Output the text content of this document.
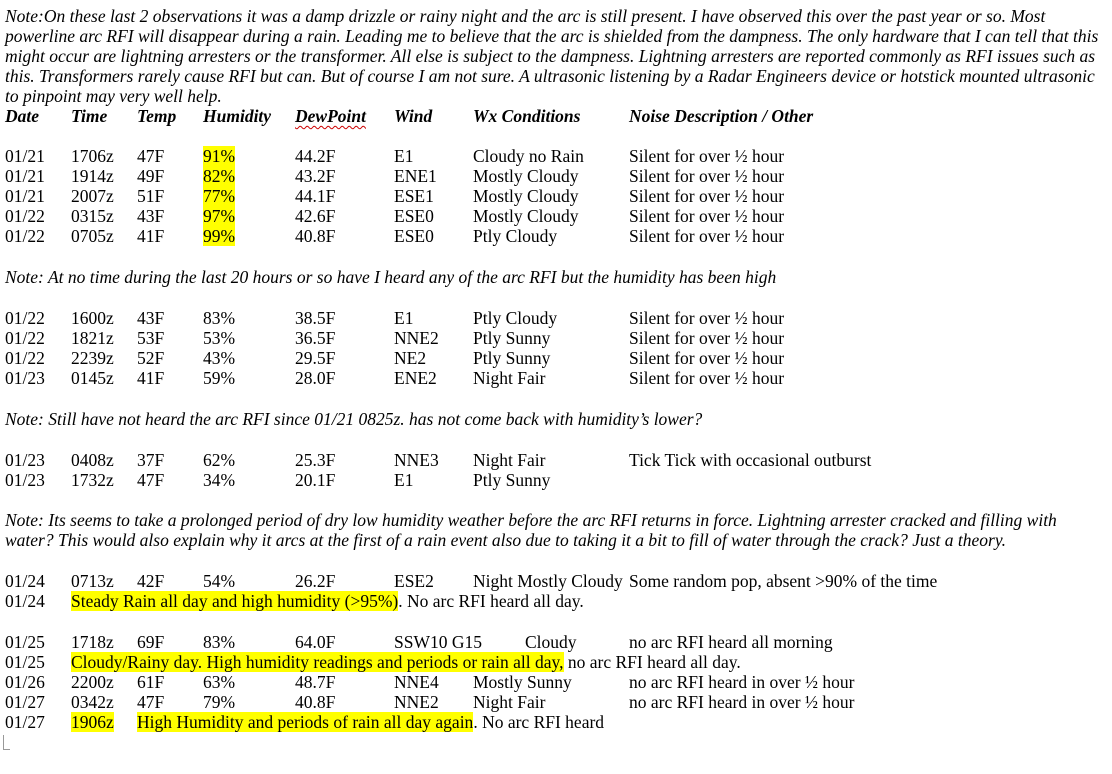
Note:On these last 2 observations it was a damp drizzle or rainy night and the arc is still present. I have observed this over the past year or so. Most
powerline arc RFI will disappear during a rain. Leading me to believe that the arc is shielded from the dampness. The only hardware that I can tell that this
might occur are lightning arresters or the transformer. All else is subject to the dampness. Lightning arresters are reported commonly as RFI issues such as
this. Transformers rarely cause RFI but can. But of course I am not sure. A ultrasonic listening by a Radar Engineers device or hotstick mounted ultrasonic
to pinpoint may very well help.
Date Time Temp Humidity DewPoint Wind Wx Conditions	Noise Description / Other
01/21 1706z 47F 91%	44.2F	E1	Cloudy no Rain	Silent for over ½ hour
01/21 1914z 49F 82%	43.2F	ENE1 Mostly Cloudy	Silent for over ½ hour
01/21 2007z 51F 77%	44.1F	ESE1 Mostly Cloudy	Silent for over ½ hour
01/22 0315z 43F 97%	42.6F	ESE0 Mostly Cloudy	Silent for over ½ hour
01/22 0705z 41F 99%	40.8F	ESE0 Ptly Cloudy	Silent for over ½ hour
Note: At no time during the last 20 hours or so have I heard any of the arc RFI but the humidity has been high
01/22 1600z 43F 83%	38.5F	E1	Ptly Cloudy	Silent for over ½ hour
01/22 1821z 53F 53%	36.5F	NNE2 Ptly Sunny	Silent for over ½ hour
01/22 2239z 52F 43%	29.5F	NE2	Ptly Sunny	Silent for over ½ hour
01/23 0145z 41F 59%	28.0F	ENE2 Night Fair	Silent for over ½ hour
Note: Still have not heard the arc RFI since 01/21 0825z. has not come back with humidity’s lower?
01/23 0408z 37F 62%	25.3F	NNE3 Night Fair	Tick Tick with occasional outburst
01/23 1732z 47F 34%	20.1F	E1	Ptly Sunny
Note: Its seems to take a prolonged period of dry low humidity weather before the arc RFI returns in force. Lightning arrester cracked and filling with
water? This would also explain why it arcs at the first of a rain event also due to taking it a bit to fill of water through the crack? Just a theory.
01/24 0713z 42F 54%	26.2F	ESE2 Night Mostly Cloudy Some random pop, absent >90% of the time
01/24 Steady Rain all day and high humidity (>95%). No arc RFI heard all day.
01/25 1718z 69F 83%	64.0F	SSW10 G15 Cloudy	no arc RFI heard all morning
01/25 Cloudy/Rainy day. High humidity readings and periods or rain all day, no arc RFI heard all day.
01/26 2200z 61F 63%	48.7F	NNE4 Mostly Sunny	no arc RFI heard in over ½ hour
01/27 0342z 47F 79%	40.8F	NNE2 Night Fair	no arc RFI heard in over ½ hour
01/27 1906z High Humidity and periods of rain all day again. No arc RFI heard
